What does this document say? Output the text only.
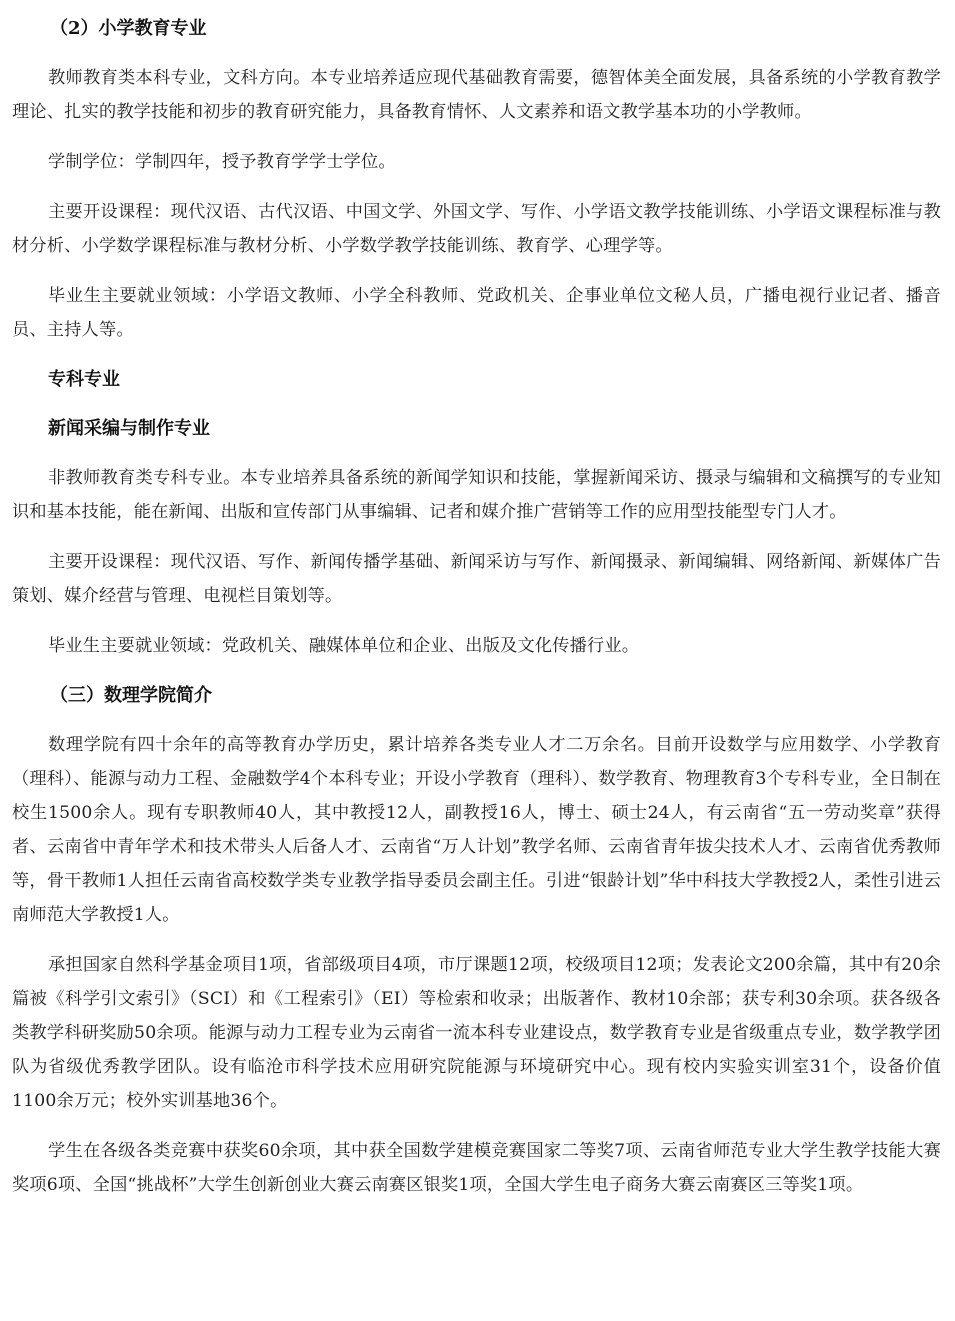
（2）小学教育专业

教师教育类本科专业，文科方向。本专业培养适应现代基础教育需要，德智体美全面发展，具备系统的小学教育教学理论、扎实的教学技能和初步的教育研究能力，具备教育情怀、人文素养和语文教学基本功的小学教师。

学制学位：学制四年，授予教育学学士学位。

主要开设课程：现代汉语、古代汉语、中国文学、外国文学、写作、小学语文教学技能训练、小学语文课程标准与教材分析、小学数学课程标准与教材分析、小学数学教学技能训练、教育学、心理学等。

毕业生主要就业领域：小学语文教师、小学全科教师、党政机关、企事业单位文秘人员，广播电视行业记者、播音员、主持人等。

专科专业
新闻采编与制作专业

非教师教育类专科专业。本专业培养具备系统的新闻学知识和技能，掌握新闻采访、摄录与编辑和文稿撰写的专业知识和基本技能，能在新闻、出版和宣传部门从事编辑、记者和媒介推广营销等工作的应用型技能型专门人才。

主要开设课程：现代汉语、写作、新闻传播学基础、新闻采访与写作、新闻摄录、新闻编辑、网络新闻、新媒体广告策划、媒介经营与管理、电视栏目策划等。

毕业生主要就业领域：党政机关、融媒体单位和企业、出版及文化传播行业。

（三）数理学院简介

数理学院有四十余年的高等教育办学历史，累计培养各类专业人才二万余名。目前开设数学与应用数学、小学教育（理科）、能源与动力工程、金融数学4个本科专业；开设小学教育（理科）、数学教育、物理教育3个专科专业，全日制在校生1500余人。现有专职教师40人，其中教授12人，副教授16人，博士、硕士24人，有云南省“五一劳动奖章”获得者、云南省中青年学术和技术带头人后备人才、云南省“万人计划”教学名师、云南省青年拔尖技术人才、云南省优秀教师等，骨干教师1人担任云南省高校数学类专业教学指导委员会副主任。引进“银龄计划”华中科技大学教授2人，柔性引进云南师范大学教授1人。

承担国家自然科学基金项目1项，省部级项目4项，市厅课题12项，校级项目12项；发表论文200余篇，其中有20余篇被《科学引文索引》（SCI）和《工程索引》（EI）等检索和收录；出版著作、教材10余部；获专利30余项。获各级各类教学科研奖励50余项。能源与动力工程专业为云南省一流本科专业建设点，数学教育专业是省级重点专业，数学教学团队为省级优秀教学团队。设有临沧市科学技术应用研究院能源与环境研究中心。现有校内实验实训室31个，设备价值1100余万元；校外实训基地36个。

学生在各级各类竞赛中获奖60余项，其中获全国数学建模竞赛国家二等奖7项、云南省师范专业大学生教学技能大赛奖项6项、全国“挑战杯”大学生创新创业大赛云南赛区银奖1项，全国大学生电子商务大赛云南赛区三等奖1项。
